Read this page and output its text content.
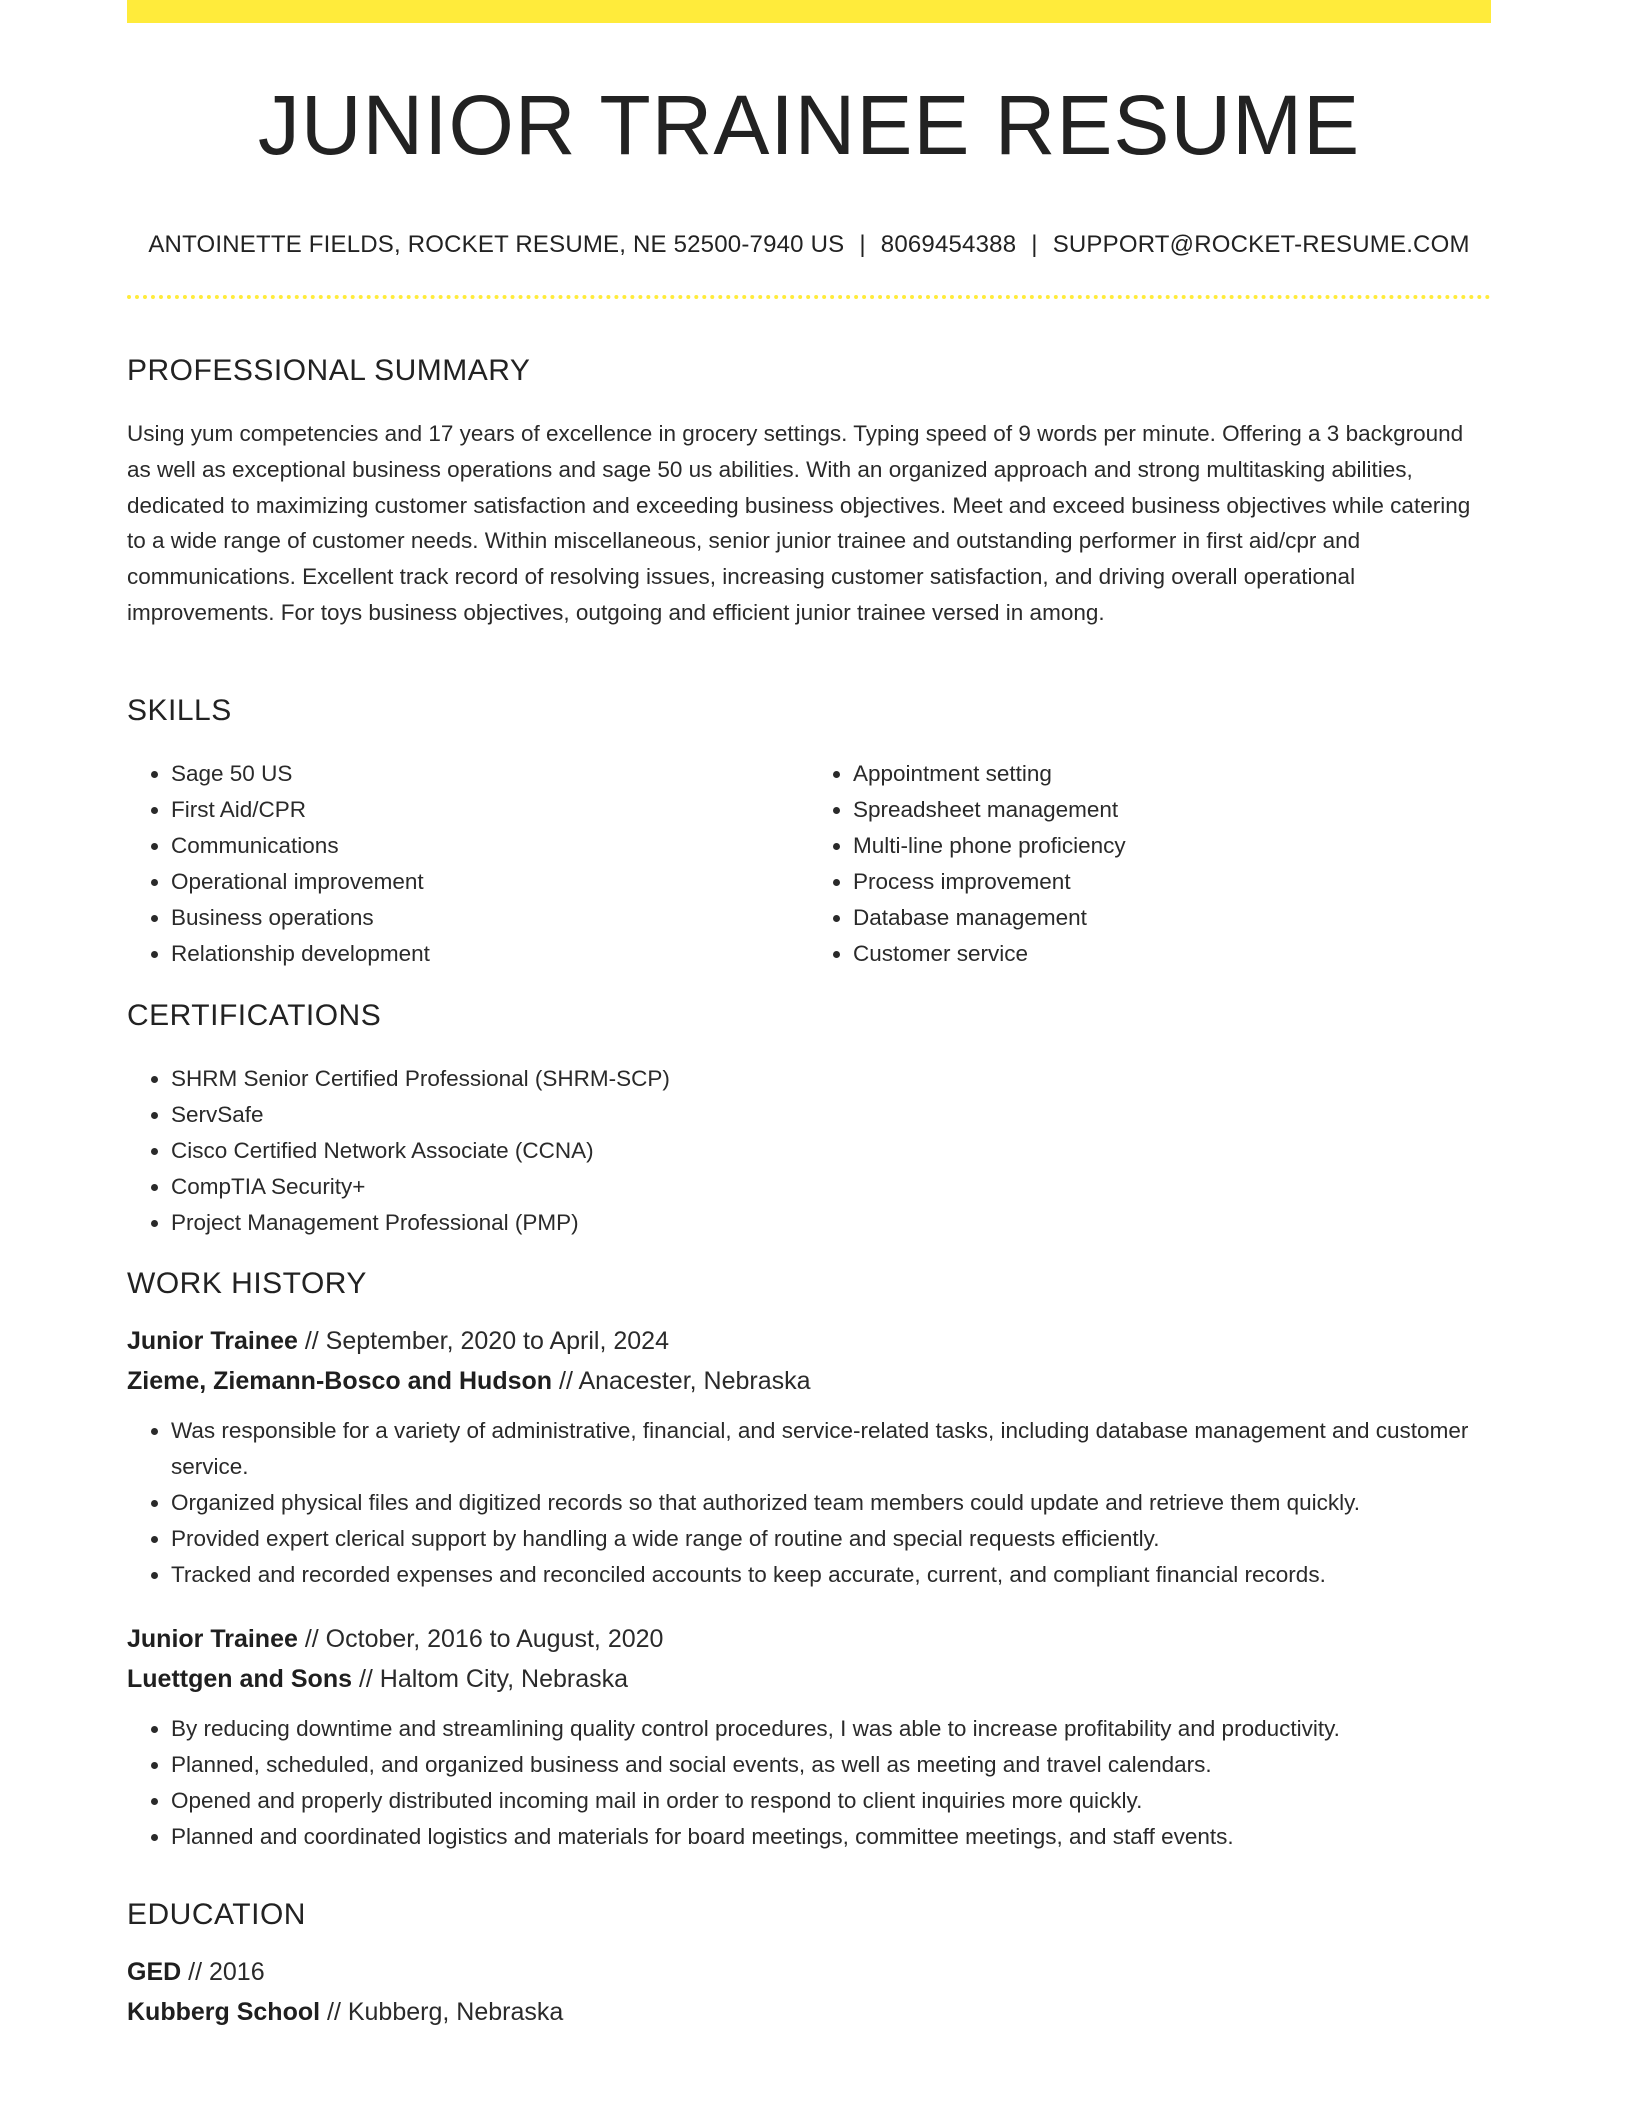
JUNIOR TRAINEE RESUME
ANTOINETTE FIELDS, ROCKET RESUME, NE 52500-7940 US | 8069454388 | SUPPORT@ROCKET-RESUME.COM
PROFESSIONAL SUMMARY

Using yum competencies and 17 years of excellence in grocery settings. Typing speed of 9 words per minute. Offering a 3 background as well as exceptional business operations and sage 50 us abilities. With an organized approach and strong multitasking abilities, dedicated to maximizing customer satisfaction and exceeding business objectives. Meet and exceed business objectives while catering to a wide range of customer needs. Within miscellaneous, senior junior trainee and outstanding performer in first aid/cpr and communications. Excellent track record of resolving issues, increasing customer satisfaction, and driving overall operational improvements. For toys business objectives, outgoing and efficient junior trainee versed in among.

SKILLS
• Sage 50 US
• First Aid/CPR
• Communications
• Operational improvement
• Business operations
• Relationship development
• Appointment setting
• Spreadsheet management
• Multi-line phone proficiency
• Process improvement
• Database management
• Customer service
CERTIFICATIONS
• SHRM Senior Certified Professional (SHRM-SCP)
• ServSafe
• Cisco Certified Network Associate (CCNA)
• CompTIA Security+
• Project Management Professional (PMP)
WORK HISTORY
Junior Trainee // September, 2020 to April, 2024
Zieme, Ziemann-Bosco and Hudson // Anacester, Nebraska
• Was responsible for a variety of administrative, financial, and service-related tasks, including database management and customer service.
• Organized physical files and digitized records so that authorized team members could update and retrieve them quickly.
• Provided expert clerical support by handling a wide range of routine and special requests efficiently.
• Tracked and recorded expenses and reconciled accounts to keep accurate, current, and compliant financial records.
Junior Trainee // October, 2016 to August, 2020
Luettgen and Sons // Haltom City, Nebraska
• By reducing downtime and streamlining quality control procedures, I was able to increase profitability and productivity.
• Planned, scheduled, and organized business and social events, as well as meeting and travel calendars.
• Opened and properly distributed incoming mail in order to respond to client inquiries more quickly.
• Planned and coordinated logistics and materials for board meetings, committee meetings, and staff events.
EDUCATION
GED // 2016
Kubberg School // Kubberg, Nebraska
